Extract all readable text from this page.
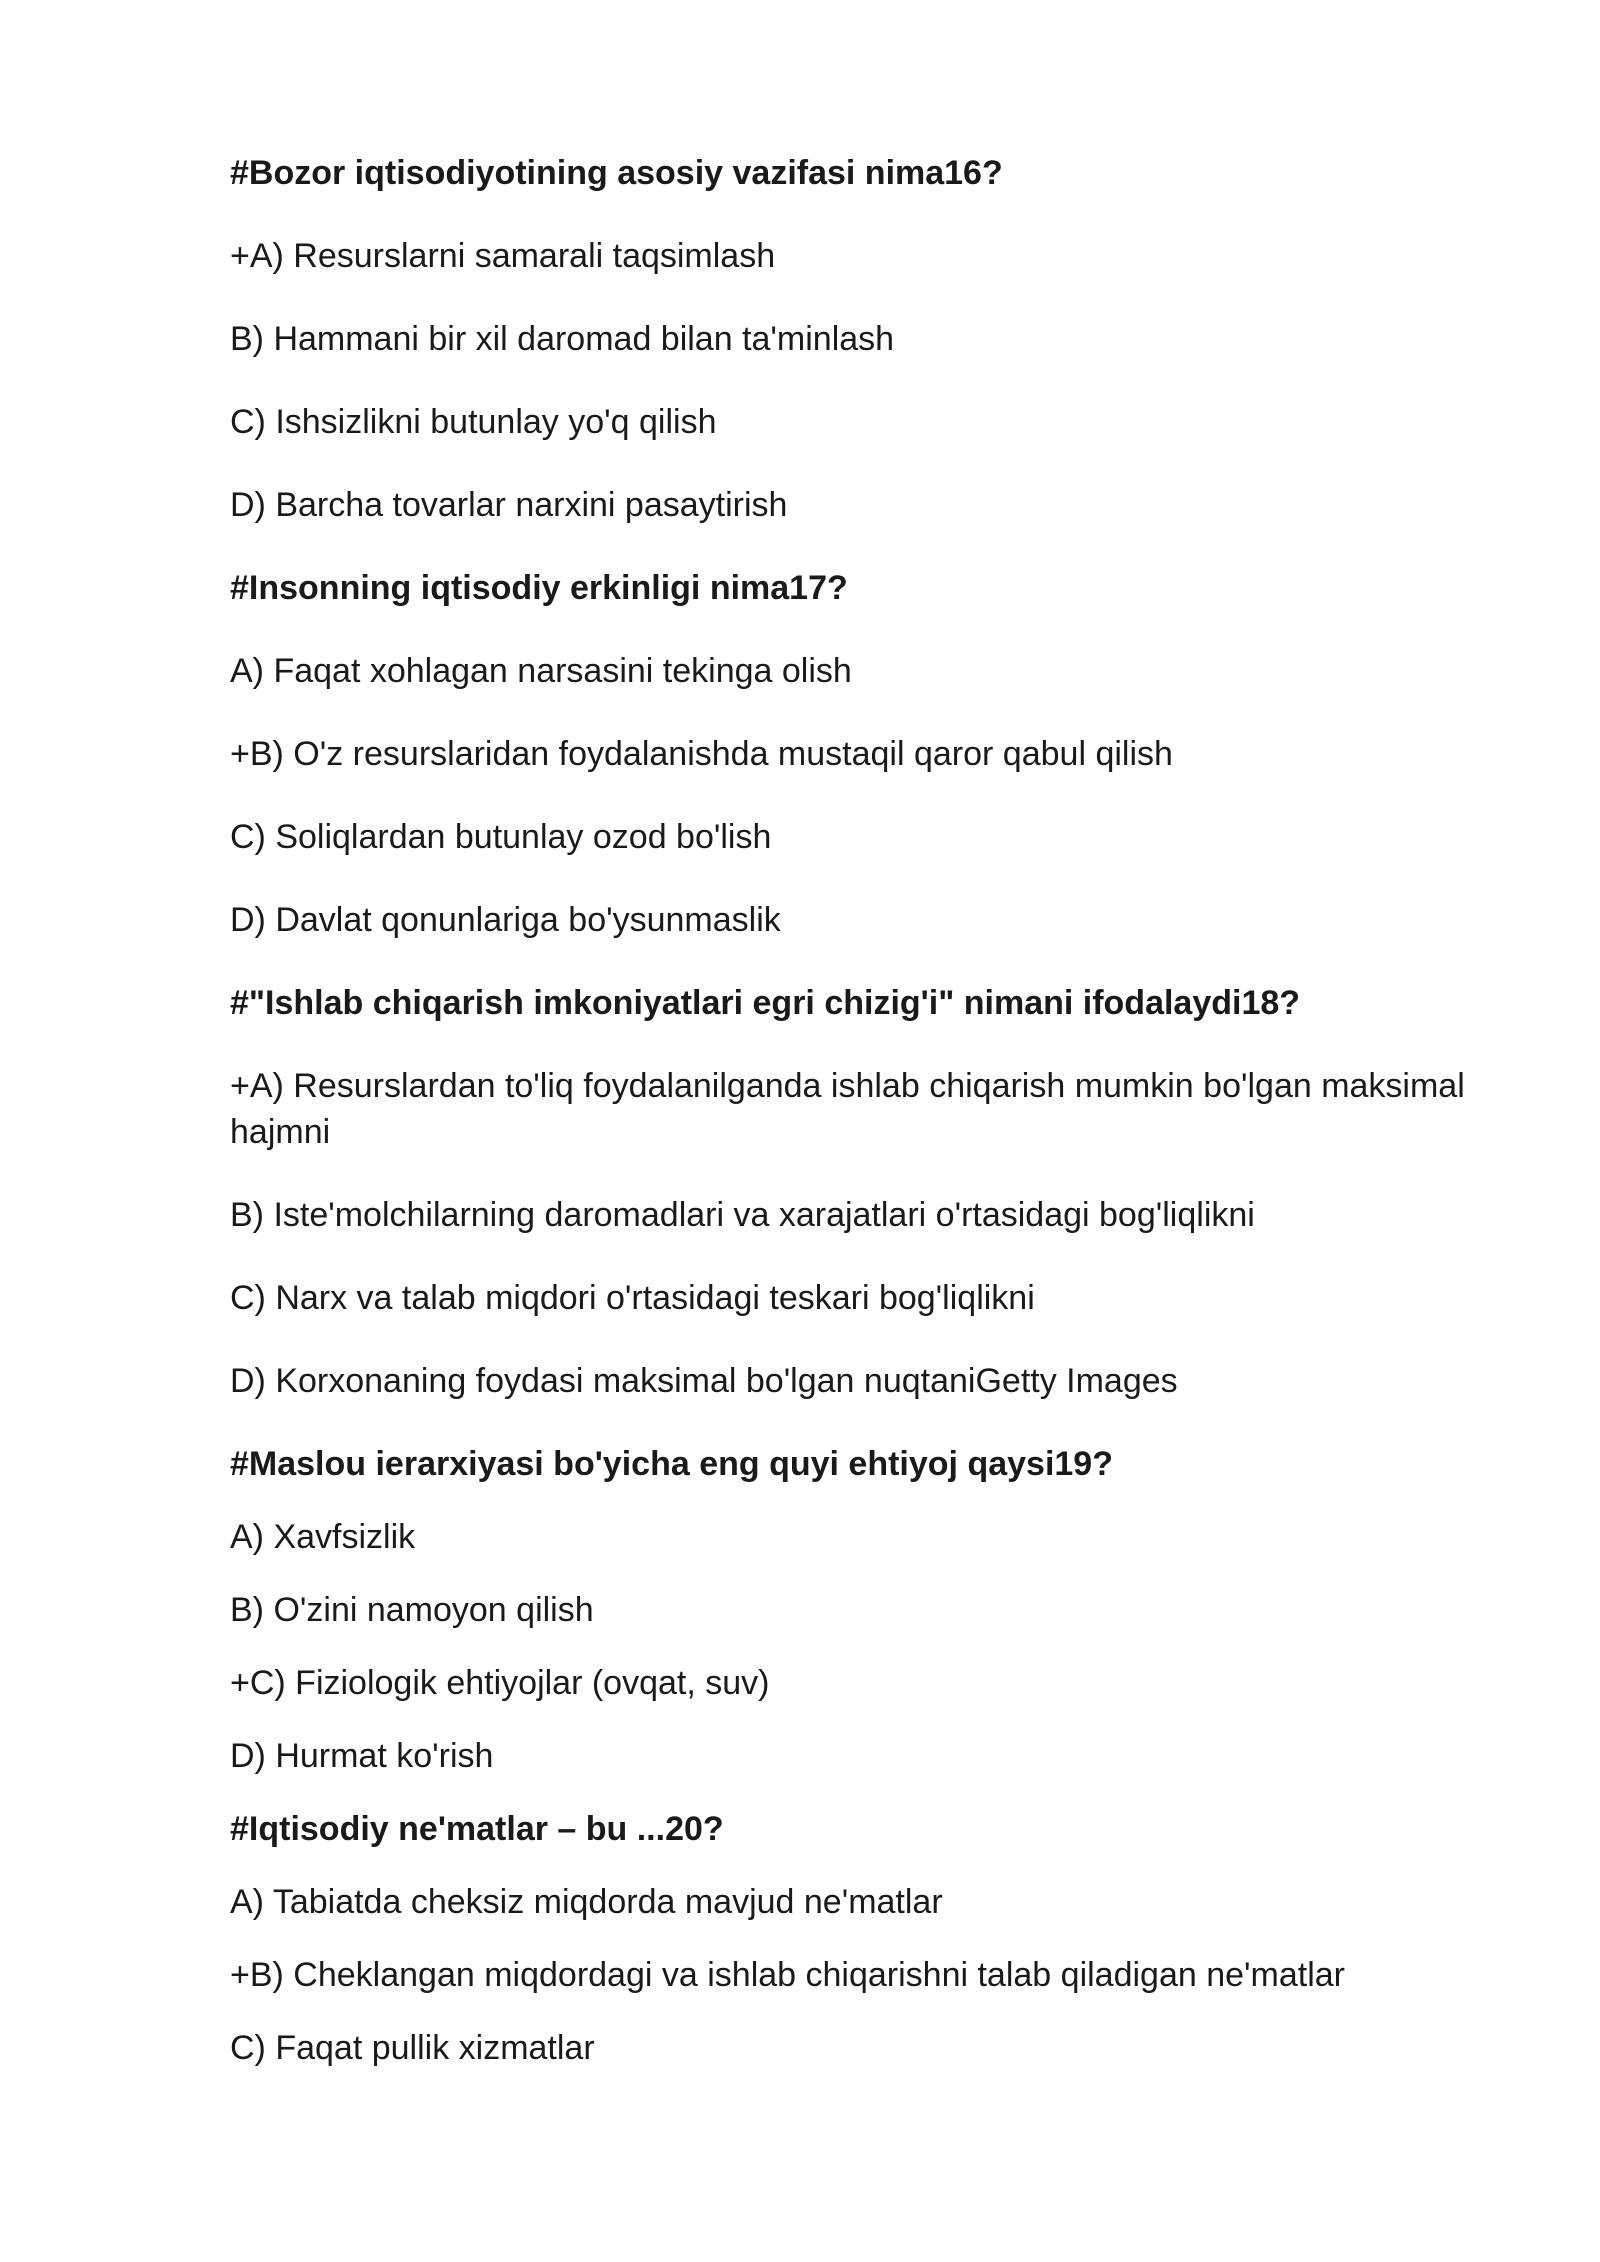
#Bozor iqtisodiyotining asosiy vazifasi nima16?

+A) Resurslarni samarali taqsimlash

B) Hammani bir xil daromad bilan ta'minlash

C) Ishsizlikni butunlay yo'q qilish

D) Barcha tovarlar narxini pasaytirish

#Insonning iqtisodiy erkinligi nima17?

A) Faqat xohlagan narsasini tekinga olish

+B) O'z resurslaridan foydalanishda mustaqil qaror qabul qilish

C) Soliqlardan butunlay ozod bo'lish

D) Davlat qonunlariga bo'ysunmaslik

#"Ishlab chiqarish imkoniyatlari egri chizig'i" nimani ifodalaydi18?

+A) Resurslardan to'liq foydalanilganda ishlab chiqarish mumkin bo'lgan maksimal hajmni

B) Iste'molchilarning daromadlari va xarajatlari o'rtasidagi bog'liqlikni

C) Narx va talab miqdori o'rtasidagi teskari bog'liqlikni

D) Korxonaning foydasi maksimal bo'lgan nuqtaniGetty Images

#Maslou ierarxiyasi bo'yicha eng quyi ehtiyoj qaysi19?

A) Xavfsizlik

B) O'zini namoyon qilish

+C) Fiziologik ehtiyojlar (ovqat, suv)

D) Hurmat ko'rish

#Iqtisodiy ne'matlar – bu ...20?

A) Tabiatda cheksiz miqdorda mavjud ne'matlar

+B) Cheklangan miqdordagi va ishlab chiqarishni talab qiladigan ne'matlar

C) Faqat pullik xizmatlar
